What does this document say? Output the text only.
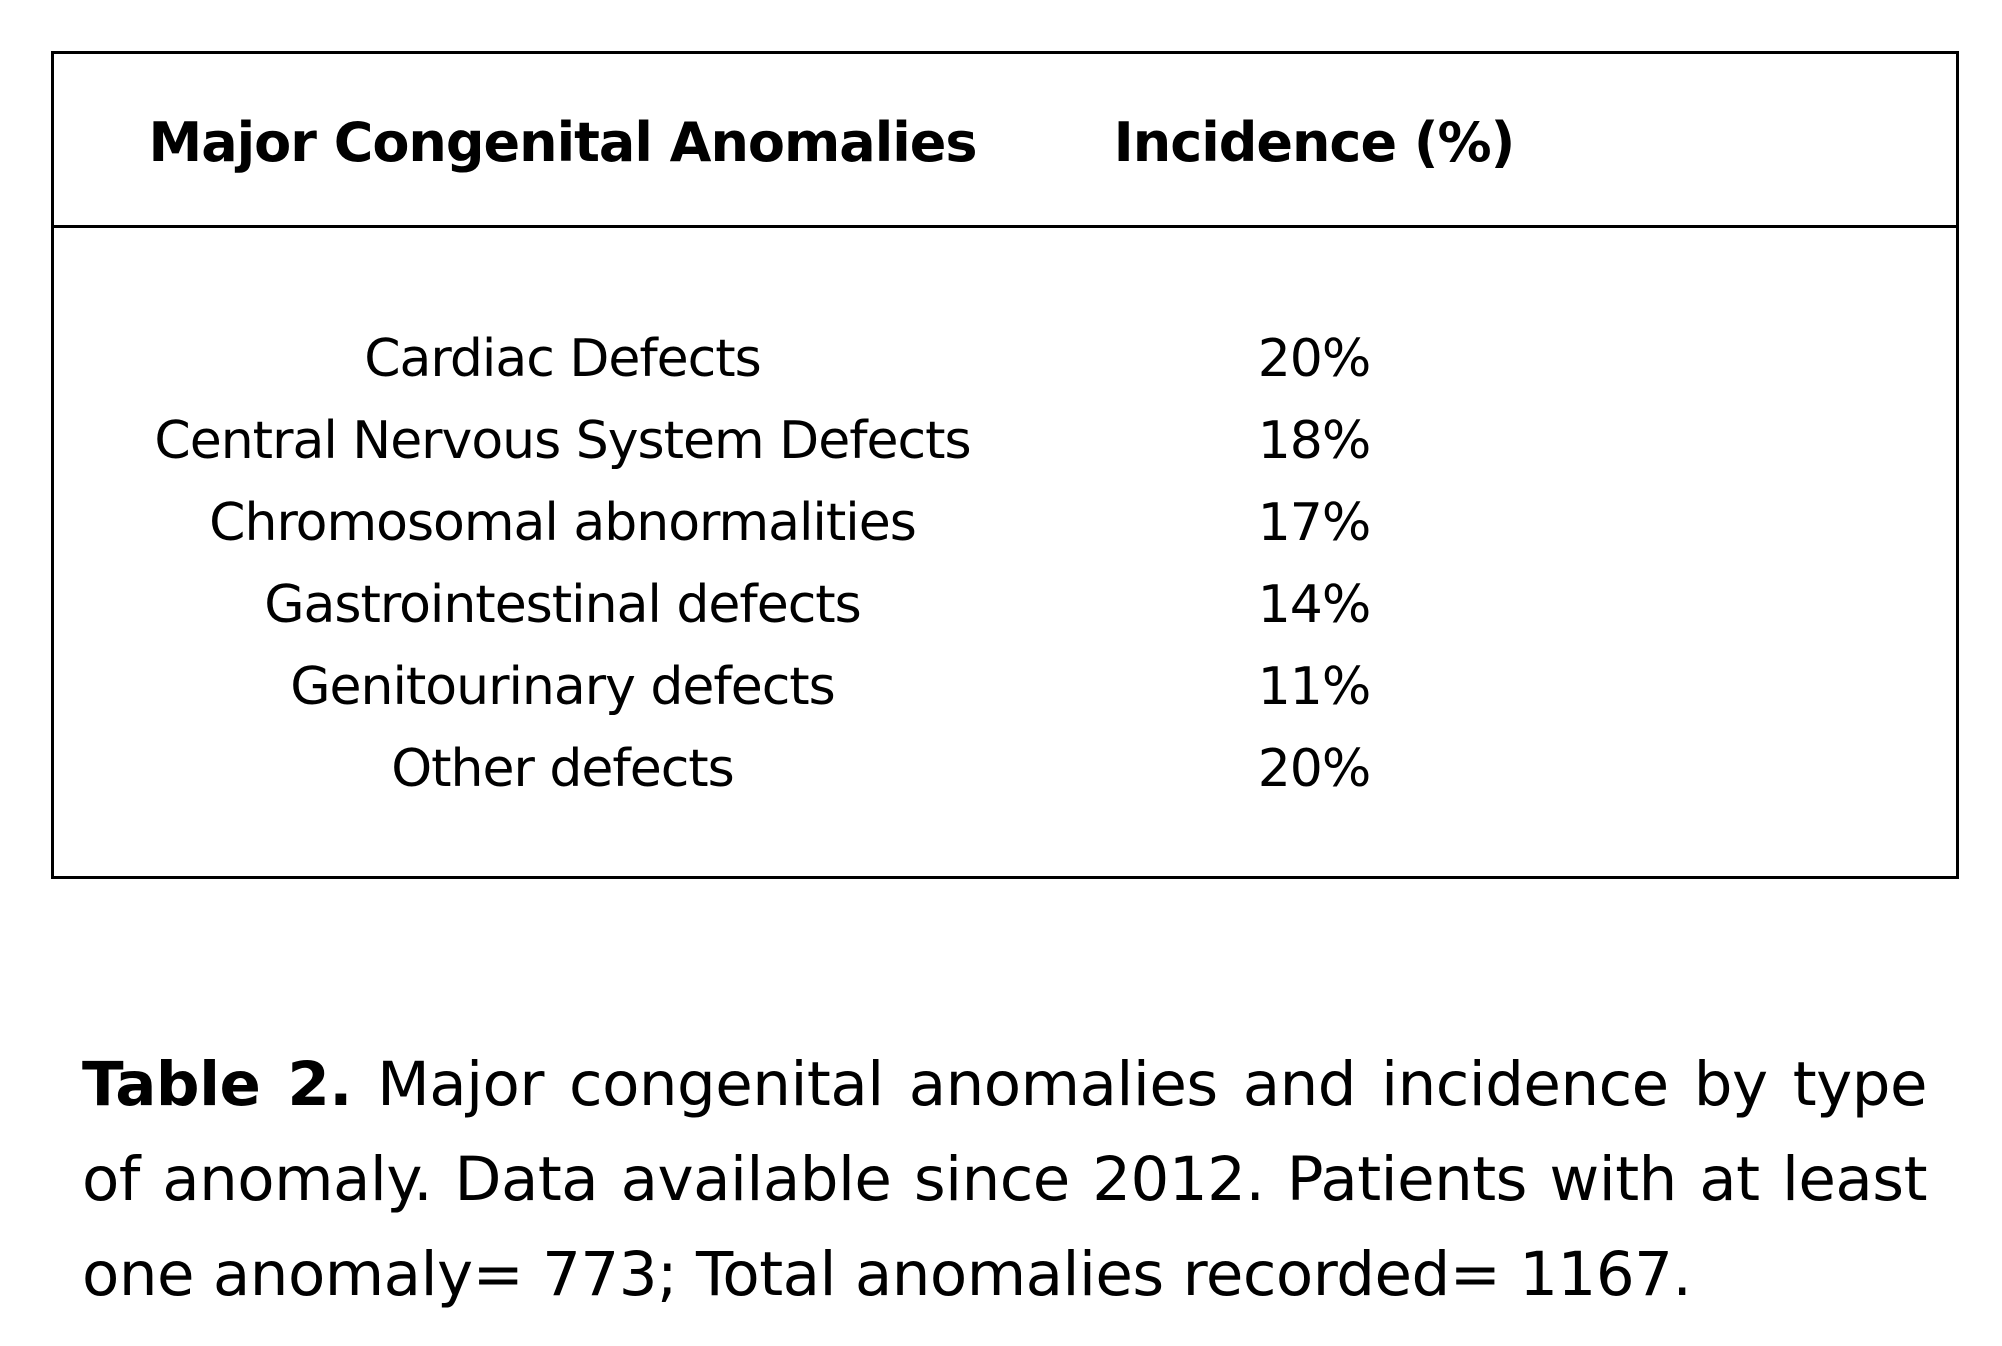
Major Congenital Anomalies	Incidence (%)
Cardiac Defects	20%
Central Nervous System Defects	18%
Chromosomal abnormalities	17%
Gastrointestinal defects	14%
Genitourinary defects	11%
Other defects	20%

Table 2. Major congenital anomalies and incidence by type of anomaly. Data available since 2012. Patients with at least one anomaly= 773; Total anomalies recorded= 1167.
